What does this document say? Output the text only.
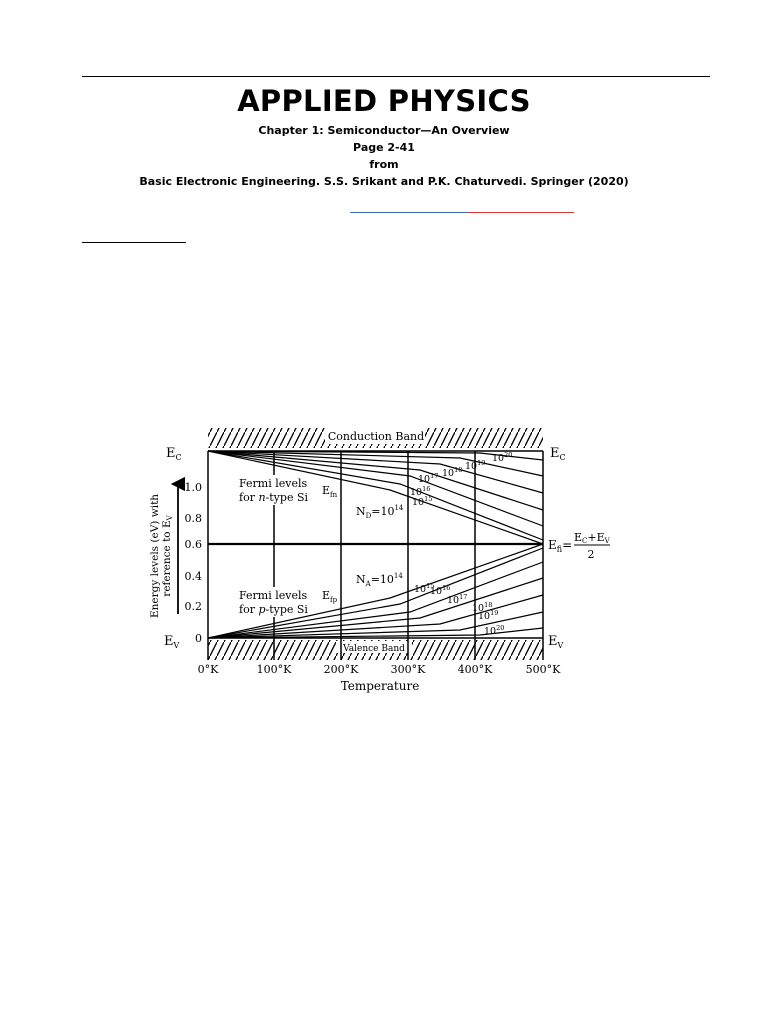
APPLIED PHYSICS
Chapter 1: Semiconductor—An Overview
Page 2-41
from
Basic Electronic Engineering. S.S. Srikant and P.K. Chaturvedi. Springer (2020)
Conduction Band
Valence Band
$E_C$
$E_V$
1.0
0.8
0.6
0.4
0.2
0
Energy levels (eV) with reference to EV
0°K	100°K	200°K	300°K	400°K	500°K
Temperature
$E_C$
$E_V$
$E_{fi}=$
EC+EV
2
Fermi levels
for n-type Si
$E_{fn}$
$N_D=10^{14}$ $10^{15}$
$10^{16}$
$10^{17}$ $10^{18}$ $10^{19}$ $10^{20}$
Fermi levels
for p-type Si
$E_{fp}$
$N_A=10^{14}$
$10^{15}$
$10^{16}$
$10^{17}$
$10^{18}$
$10^{19}$
$10^{20}$
